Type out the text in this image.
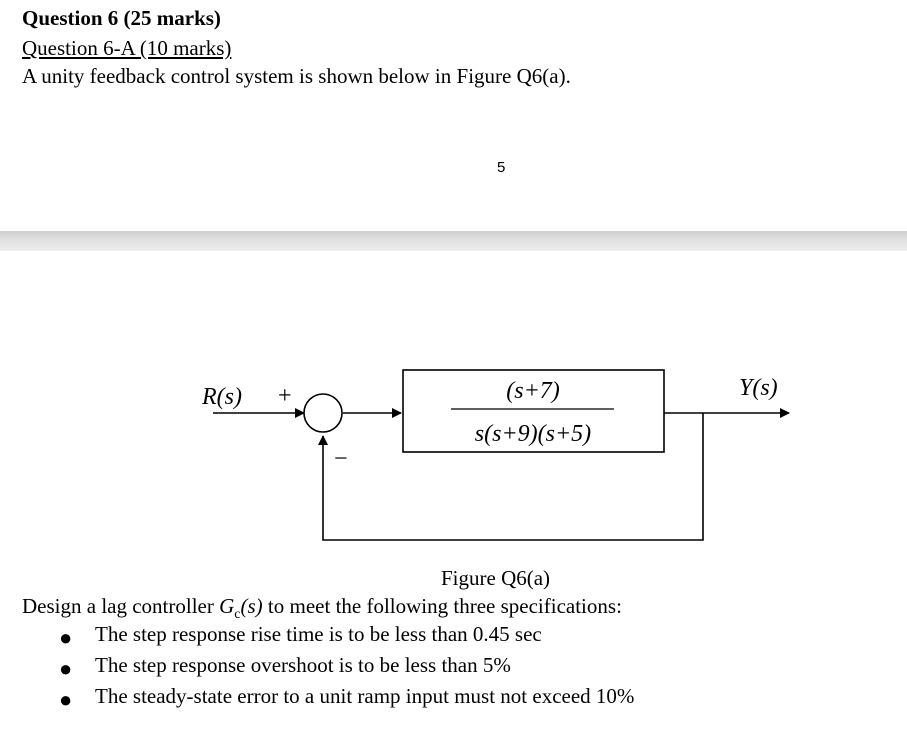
Question 6 (25 marks)

Question 6-A (10 marks)

A unity feedback control system is shown below in Figure Q6(a).

5
R(s) +
−
(s+7)
s(s+9)(s+5)
Y(s)

Figure Q6(a)

Design a lag controller $G_c(s)$ to meet the following three specifications:

● The step response rise time is to be less than 0.45 sec
● The step response overshoot is to be less than 5%
● The steady-state error to a unit ramp input must not exceed 10%
